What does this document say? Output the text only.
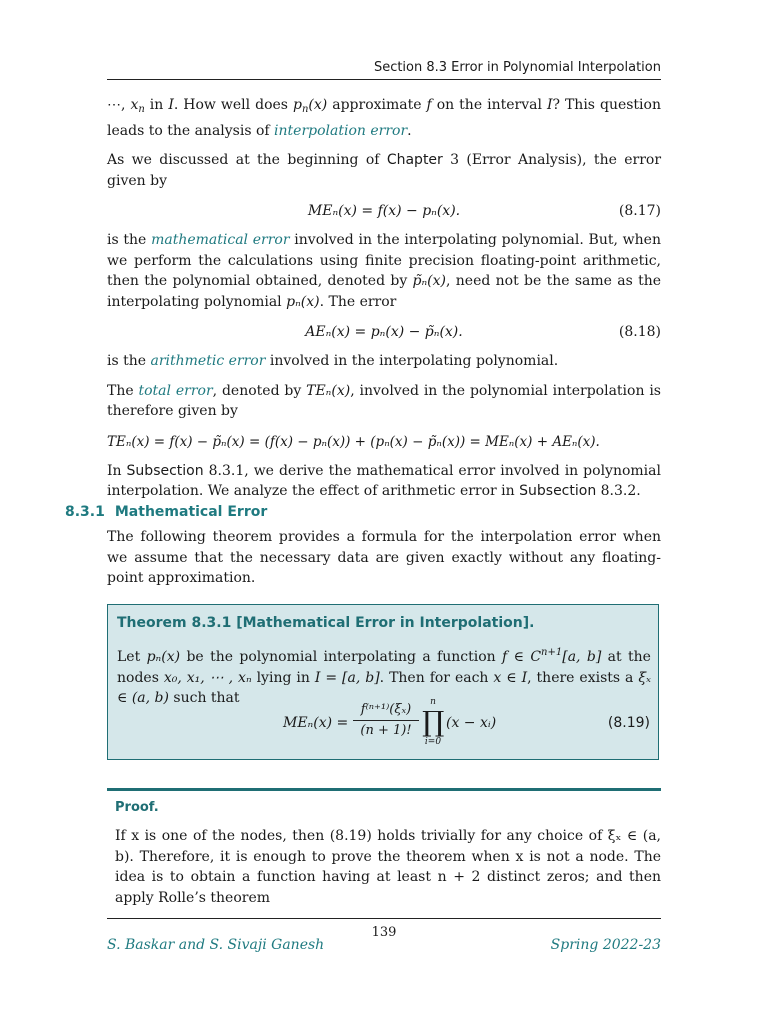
Section 8.3 Error in Polynomial Interpolation

⋯, $x_n$ in I. How well does $p_n(x)$ approximate f on the interval I? This question leads to the analysis of interpolation error.

As we discussed at the beginning of Chapter 3 (Error Analysis), the error given by

MEₙ(x) = f(x) − pₙ(x).	(8.17)

is the mathematical error involved in the interpolating polynomial. But, when we perform the calculations using finite precision floating-point arithmetic, then the polynomial obtained, denoted by p̃ₙ(x), need not be the same as the interpolating polynomial pₙ(x). The error

AEₙ(x) = pₙ(x) − p̃ₙ(x).	(8.18)

is the arithmetic error involved in the interpolating polynomial.

The total error, denoted by TEₙ(x), involved in the polynomial interpolation is therefore given by

TEₙ(x) = f(x) − p̃ₙ(x) = (f(x) − pₙ(x)) + (pₙ(x) − p̃ₙ(x)) = MEₙ(x) + AEₙ(x).

In Subsection 8.3.1, we derive the mathematical error involved in polynomial interpolation. We analyze the effect of arithmetic error in Subsection 8.3.2.

8.3.1 Mathematical Error
The following theorem provides a formula for the interpolation error when we assume that the necessary data are given exactly without any floating-point approximation.
Theorem 8.3.1 [Mathematical Error in Interpolation].
Let pₙ(x) be the polynomial interpolating a function f ∈ $C^{n+1}[a$, b] at the nodes x₀, x₁, ⋯ , xₙ lying in I = [a, b]. Then for each x ∈ I, there exists a ξₓ ∈ (a, b) such that
MEₙ(x) =
f⁽ⁿ⁺¹⁾(ξₓ)
(n + 1)!
n
∏
i=0
(x − xᵢ)	(8.19)
Proof.
If x is one of the nodes, then (8.19) holds trivially for any choice of ξₓ ∈ (a, b). Therefore, it is enough to prove the theorem when x is not a node. The idea is to obtain a function having at least n + 2 distinct zeros; and then apply Rolle’s theorem
139
S. Baskar and S. Sivaji Ganesh	Spring 2022-23
